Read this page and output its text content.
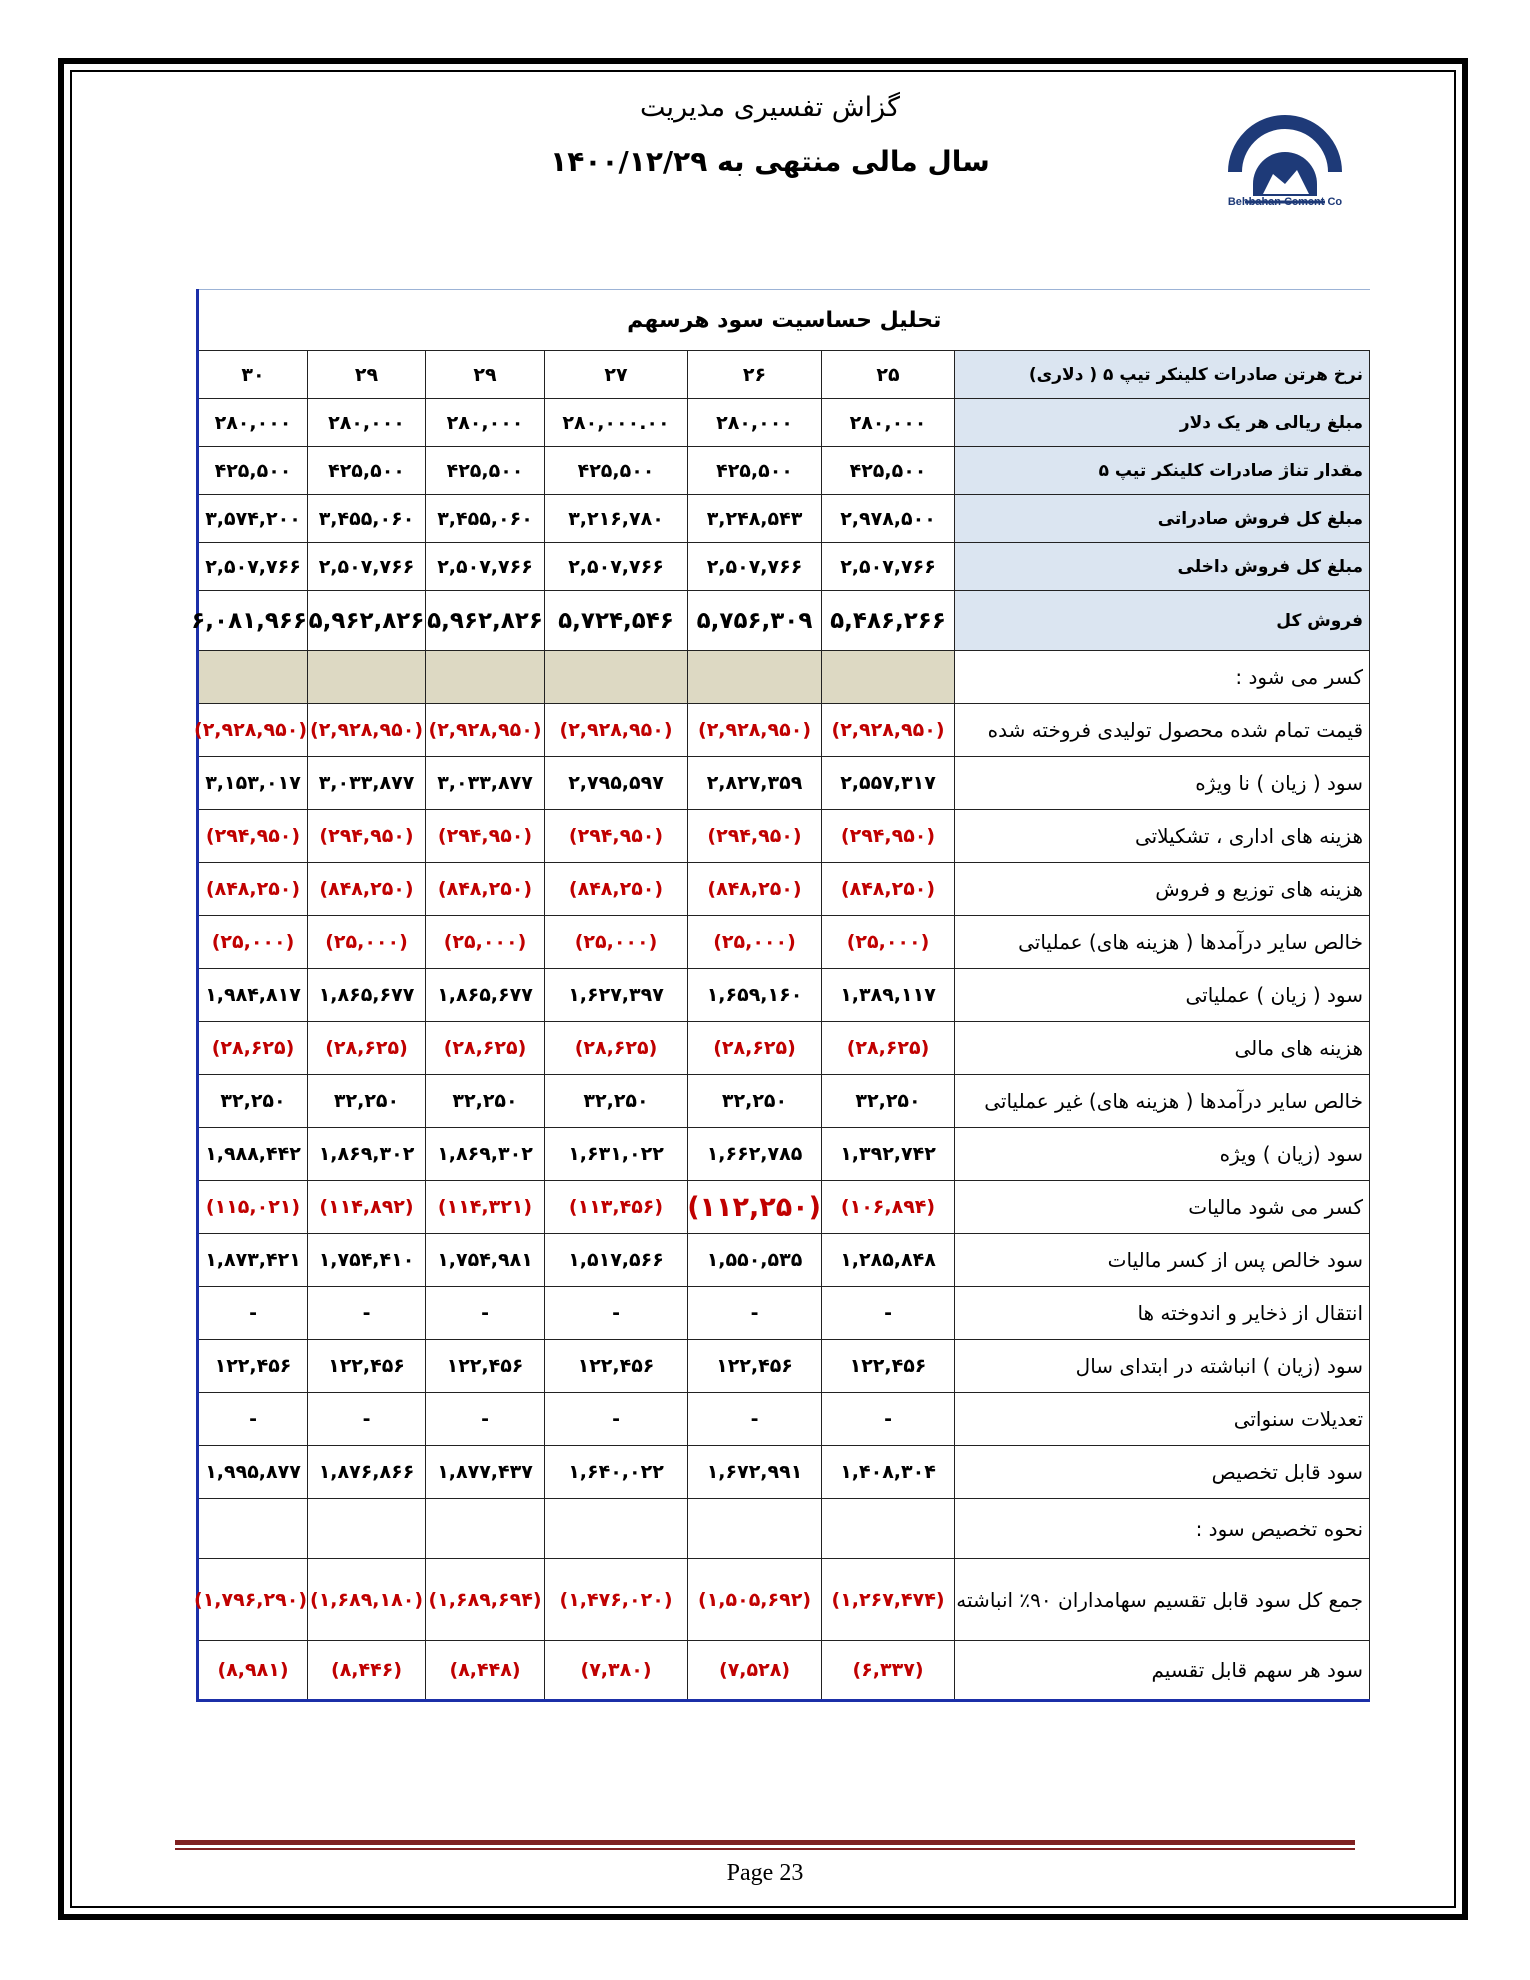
گزاش تفسیری مدیریت
سال مالی منتهی به ۱۴۰۰/۱۲/۲۹
Behbahan Cement Co
تحلیل حساسیت سود هرسهم						
نرخ هرتن صادرات کلینکر تیپ ۵ ( دلاری)	۲۵	۲۶	۲۷	۲۹	۲۹	۳۰
مبلغ ریالی هر یک دلار	۲۸۰,۰۰۰	۲۸۰,۰۰۰	۲۸۰,۰۰۰.۰۰	۲۸۰,۰۰۰	۲۸۰,۰۰۰	۲۸۰,۰۰۰
مقدار تناژ صادرات کلینکر تیپ ۵	۴۲۵,۵۰۰	۴۲۵,۵۰۰	۴۲۵,۵۰۰	۴۲۵,۵۰۰	۴۲۵,۵۰۰	۴۲۵,۵۰۰
مبلغ کل فروش صادراتی	۲,۹۷۸,۵۰۰	۳,۲۴۸,۵۴۳	۳,۲۱۶,۷۸۰	۳,۴۵۵,۰۶۰	۳,۴۵۵,۰۶۰	۳,۵۷۴,۲۰۰
مبلغ کل فروش داخلی	۲,۵۰۷,۷۶۶	۲,۵۰۷,۷۶۶	۲,۵۰۷,۷۶۶	۲,۵۰۷,۷۶۶	۲,۵۰۷,۷۶۶	۲,۵۰۷,۷۶۶
فروش کل	۵,۴۸۶,۲۶۶	۵,۷۵۶,۳۰۹	۵,۷۲۴,۵۴۶	۵,۹۶۲,۸۲۶	۵,۹۶۲,۸۲۶	۶,۰۸۱,۹۶۶
کسر می شود :						
قیمت تمام شده محصول تولیدی فروخته شده	(۲,۹۲۸,۹۵۰)	(۲,۹۲۸,۹۵۰)	(۲,۹۲۸,۹۵۰)	(۲,۹۲۸,۹۵۰)	(۲,۹۲۸,۹۵۰)	(۲,۹۲۸,۹۵۰)
سود ( زیان ) نا ویژه	۲,۵۵۷,۳۱۷	۲,۸۲۷,۳۵۹	۲,۷۹۵,۵۹۷	۳,۰۳۳,۸۷۷	۳,۰۳۳,۸۷۷	۳,۱۵۳,۰۱۷
هزینه های اداری ، تشکیلاتی	(۲۹۴,۹۵۰)	(۲۹۴,۹۵۰)	(۲۹۴,۹۵۰)	(۲۹۴,۹۵۰)	(۲۹۴,۹۵۰)	(۲۹۴,۹۵۰)
هزینه های توزیع و فروش	(۸۴۸,۲۵۰)	(۸۴۸,۲۵۰)	(۸۴۸,۲۵۰)	(۸۴۸,۲۵۰)	(۸۴۸,۲۵۰)	(۸۴۸,۲۵۰)
خالص سایر درآمدها ( هزینه های) عملیاتی	(۲۵,۰۰۰)	(۲۵,۰۰۰)	(۲۵,۰۰۰)	(۲۵,۰۰۰)	(۲۵,۰۰۰)	(۲۵,۰۰۰)
سود ( زیان ) عملیاتی	۱,۳۸۹,۱۱۷	۱,۶۵۹,۱۶۰	۱,۶۲۷,۳۹۷	۱,۸۶۵,۶۷۷	۱,۸۶۵,۶۷۷	۱,۹۸۴,۸۱۷
هزینه های مالی	(۲۸,۶۲۵)	(۲۸,۶۲۵)	(۲۸,۶۲۵)	(۲۸,۶۲۵)	(۲۸,۶۲۵)	(۲۸,۶۲۵)
خالص سایر درآمدها ( هزینه های) غیر عملیاتی	۳۲,۲۵۰	۳۲,۲۵۰	۳۲,۲۵۰	۳۲,۲۵۰	۳۲,۲۵۰	۳۲,۲۵۰
سود (زیان ) ویژه	۱,۳۹۲,۷۴۲	۱,۶۶۲,۷۸۵	۱,۶۳۱,۰۲۲	۱,۸۶۹,۳۰۲	۱,۸۶۹,۳۰۲	۱,۹۸۸,۴۴۲
کسر می شود مالیات	(۱۰۶,۸۹۴)	(۱۱۲,۲۵۰)	(۱۱۳,۴۵۶)	(۱۱۴,۳۲۱)	(۱۱۴,۸۹۲)	(۱۱۵,۰۲۱)
سود خالص پس از کسر مالیات	۱,۲۸۵,۸۴۸	۱,۵۵۰,۵۳۵	۱,۵۱۷,۵۶۶	۱,۷۵۴,۹۸۱	۱,۷۵۴,۴۱۰	۱,۸۷۳,۴۲۱
انتقال از ذخایر و اندوخته ها	-	-	-	-	-	-
سود (زیان ) انباشته در ابتدای سال	۱۲۲,۴۵۶	۱۲۲,۴۵۶	۱۲۲,۴۵۶	۱۲۲,۴۵۶	۱۲۲,۴۵۶	۱۲۲,۴۵۶
تعدیلات سنواتی	-	-	-	-	-	-
سود قابل تخصیص	۱,۴۰۸,۳۰۴	۱,۶۷۲,۹۹۱	۱,۶۴۰,۰۲۲	۱,۸۷۷,۴۳۷	۱,۸۷۶,۸۶۶	۱,۹۹۵,۸۷۷
نحوه تخصیص سود :						
جمع کل سود قابل تقسیم سهامداران ۹۰٪ انباشته	(۱,۲۶۷,۴۷۴)	(۱,۵۰۵,۶۹۲)	(۱,۴۷۶,۰۲۰)	(۱,۶۸۹,۶۹۴)	(۱,۶۸۹,۱۸۰)	(۱,۷۹۶,۲۹۰)
سود هر سهم قابل تقسیم	(۶,۳۳۷)	(۷,۵۲۸)	(۷,۳۸۰)	(۸,۴۴۸)	(۸,۴۴۶)	(۸,۹۸۱)
Page 23
